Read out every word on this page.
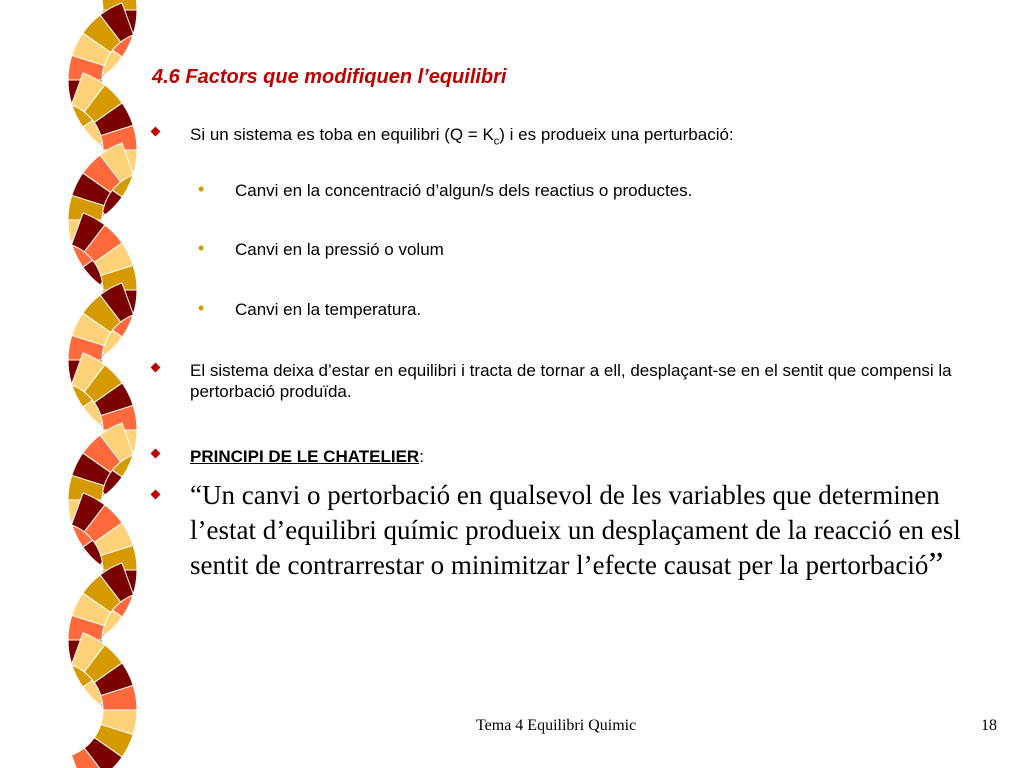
4.6 Factors que modifiquen l’equilibri
Si un sistema es toba en equilibri $(Q = K_c)$ i es produeix una perturbació:
• Canvi en la concentració d’algun/s dels reactius o productes.
• Canvi en la pressió o volum
• Canvi en la temperatura.
El sistema deixa d’estar en equilibri i tracta de tornar a ell, desplaçant-se en el sentit que compensi la pertorbació produïda.
PRINCIPI DE LE CHATELIER:
“Un canvi o pertorbació en qualsevol de les variables que determinen l’estat d’equilibri químic produeix un desplaçament de la reacció en esl sentit de contrarrestar o minimitzar l’efecte causat per la pertorbació”
Tema 4 Equilibri Quimic	18
